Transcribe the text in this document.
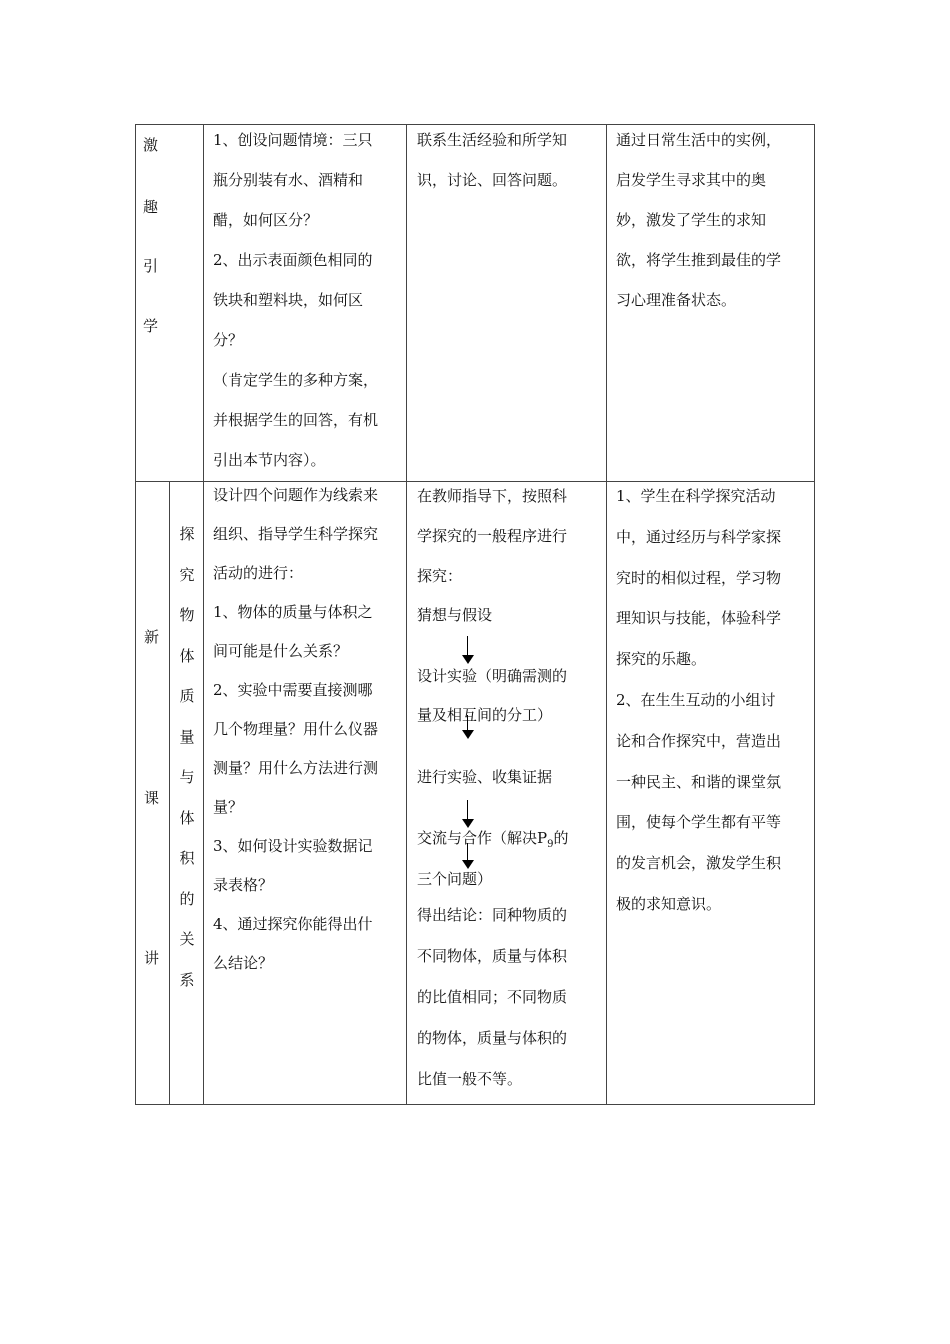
激
趣
引
学

1、创设问题情境：三只

瓶分别装有水、酒精和

醋，如何区分？

2、出示表面颜色相同的

铁块和塑料块，如何区

分？

（肯定学生的多种方案，

并根据学生的回答，有机

引出本节内容）。

联系生活经验和所学知

识，讨论、回答问题。

通过日常生活中的实例，

启发学生寻求其中的奥

妙，激发了学生的求知

欲，将学生推到最佳的学

习心理准备状态。

新
课
讲
探
究
物
体
质
量
与
体
积
的
关
系

设计四个问题作为线索来

组织、指导学生科学探究

活动的进行：

1、物体的质量与体积之

间可能是什么关系？

2、实验中需要直接测哪

几个物理量？用什么仪器

测量？用什么方法进行测

量？

3、如何设计实验数据记

录表格？

4、通过探究你能得出什

么结论？

在教师指导下，按照科
学探究的一般程序进行
探究：
猜想与假设
设计实验（明确需测的
量及相互间的分工）
进行实验、收集证据
交流与合作（解决$P_9$的
三个问题）
得出结论：同种物质的
不同物体，质量与体积
的比值相同；不同物质
的物体，质量与体积的
比值一般不等。

1、学生在科学探究活动

中，通过经历与科学家探

究时的相似过程，学习物

理知识与技能，体验科学

探究的乐趣。

2、在生生互动的小组讨

论和合作探究中，营造出

一种民主、和谐的课堂氛

围，使每个学生都有平等

的发言机会，激发学生积

极的求知意识。
